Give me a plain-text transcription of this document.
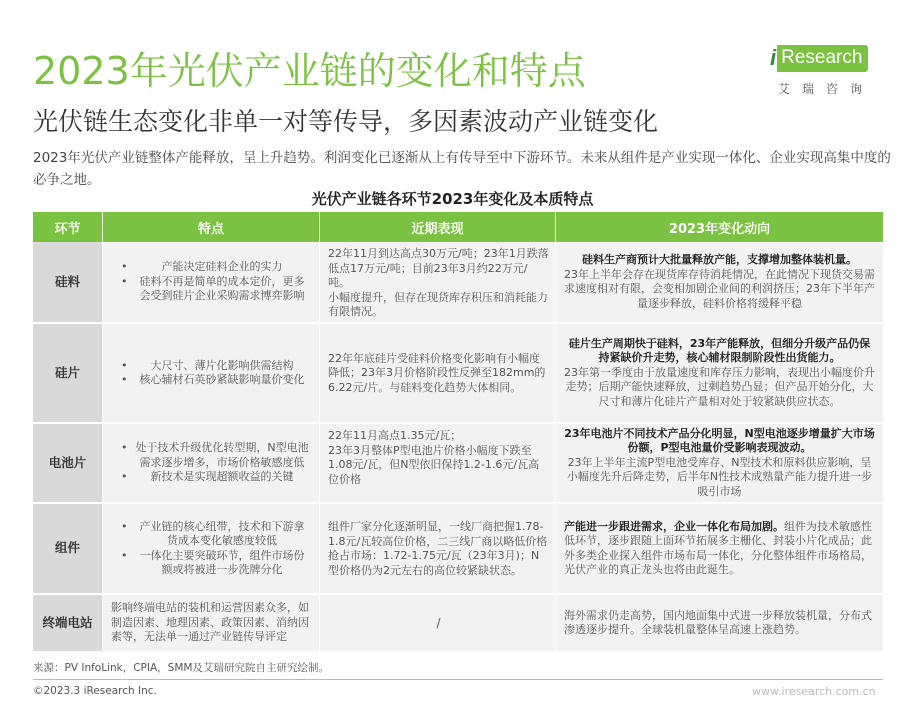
2023年光伏产业链的变化和特点	i Research
艾瑞咨询
光伏链生态变化非单一对等传导，多因素波动产业链变化
2023年光伏产业链整体产能释放，呈上升趋势。利润变化已逐渐从上有传导至中下游环节。未来从组件是产业实现一体化、企业实现高集中度的必争之地。
光伏产业链各环节2023年变化及本质特点
环节	特点	近期表现	2023年变化动向
硅料
• 产能决定硅料企业的实力
• 硅料不再是简单的成本定价，更多会受到硅片企业采购需求博弈影响
22年11月到达高点30万元/吨；23年1月跌落低点17万元/吨；目前23年3月约22万元/吨。
小幅度提升，但存在现货库存积压和消耗能力有限情况。
硅料生产商预计大批量释放产能，支撑增加整体装机量。
23年上半年会存在现货库存待消耗情况，在此情况下现货交易需求速度相对有限，会变相加剧企业间的利润挤压；23年下半年产量逐步释放，硅料价格将缓释平稳
硅片
•	大尺寸、薄片化影响供需结构
• 核心辅材石英砂紧缺影响量价变化
22年年底硅片受硅料价格变化影响有小幅度降低；23年3月价格阶段性反弹至182mm的6.22元/片。与硅料变化趋势大体相同。
硅片生产周期快于硅料，23年产能释放，但细分升级产品仍保持紧缺价升走势，核心辅材限制阶段性出货能力。
23年第一季度由于放量速度和库存压力影响，表现出小幅度价升走势；后期产能快速释放，过剩趋势凸显；但产品开始分化，大尺寸和薄片化硅片产量相对处于较紧缺供应状态。
电池片
• 处于技术升级优化转型期，N型电池需求逐步增多，市场价格敏感度低
• 新技术是实现超额收益的关键
22年11月高点1.35元/瓦；
23年3月整体P型电池片价格小幅度下跌至1.08元/瓦，但N型依旧保持1.2-1.6元/瓦高位价格
23年电池片不同技术产品分化明显，N型电池逐步增量扩大市场份额，P型电池量价受影响表现波动。
23年上半年主流P型电池受库存、N型技术和原料供应影响，呈小幅度先升后降走势，后半年N性技术成熟量产能力提升进一步吸引市场
组件
• 产业链的核心纽带，技术和下游拿货成本变化敏感度较低
• 一体化主要突破环节，组件市场份额或将被进一步洗牌分化
组件厂家分化逐渐明显，一线厂商把握1.78-1.8元/瓦较高位价格，二三线厂商以略低价格抢占市场：1.72-1.75元/瓦（23年3月)；N型价格仍为2元左右的高位较紧缺状态。
产能进一步跟进需求，企业一体化布局加剧。组件为技术敏感性低环节，逐步跟随上面环节拓展多主栅化、封装小片化成品；此外多类企业探入组件市场布局一体化，分化整体组件市场格局，光伏产业的真正龙头也将由此诞生。
终端电站
影响终端电站的装机和运营因素众多，如制造因素、地理因素、政策因素、消纳因素等，无法单一通过产业链传导评定
/
海外需求仍走高势，国内地面集中式进一步释放装机量，分布式渗透逐步提升。全球装机量整体呈高速上涨趋势。
来源：PV InfoLink，CPIA，SMM及艾瑞研究院自主研究绘制。
©2023.3 iResearch Inc.	www.iresearch.com.cn
